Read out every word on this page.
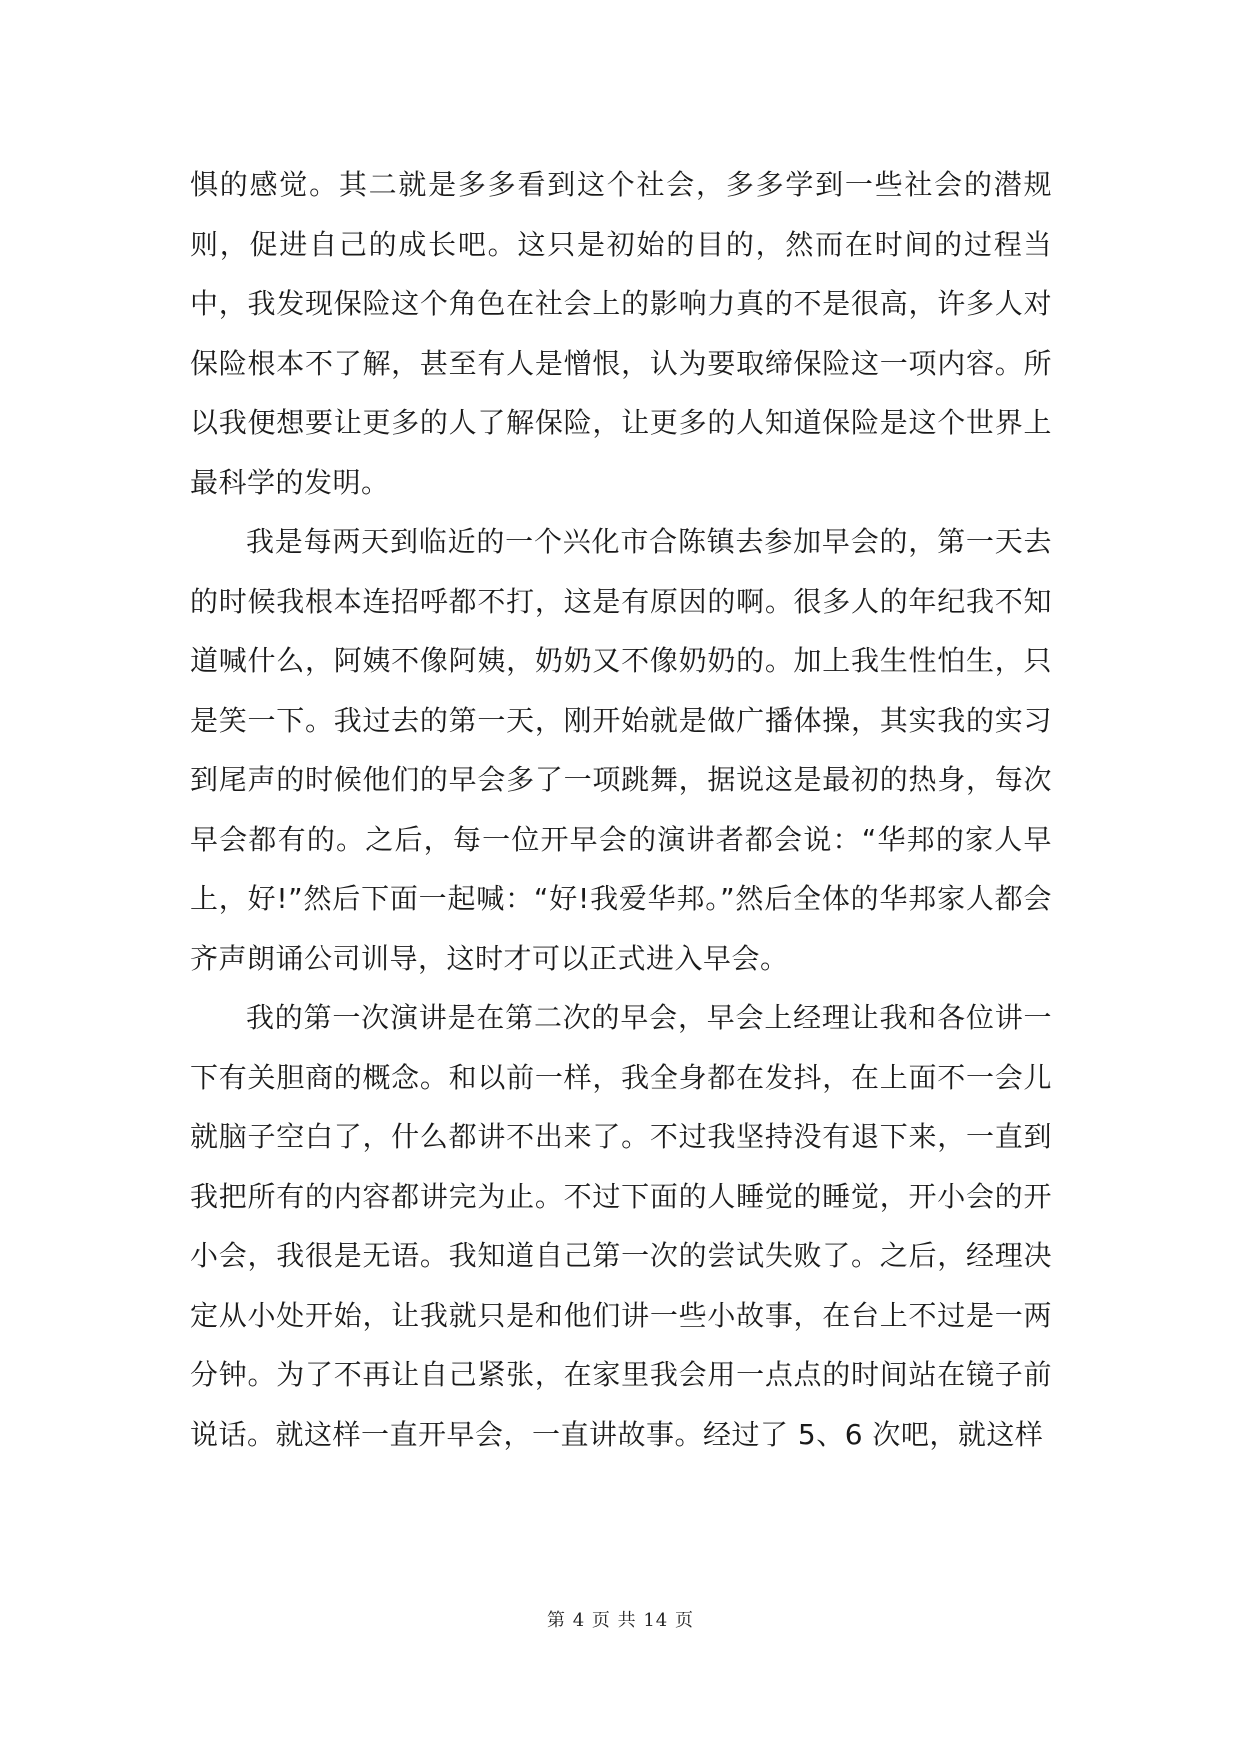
惧的感觉。其二就是多多看到这个社会，多多学到一些社会的潜规则，促进自己的成长吧。这只是初始的目的，然而在时间的过程当中，我发现保险这个角色在社会上的影响力真的不是很高，许多人对保险根本不了解，甚至有人是憎恨，认为要取缔保险这一项内容。所以我便想要让更多的人了解保险，让更多的人知道保险是这个世界上最科学的发明。

我是每两天到临近的一个兴化市合陈镇去参加早会的，第一天去的时候我根本连招呼都不打，这是有原因的啊。很多人的年纪我不知道喊什么，阿姨不像阿姨，奶奶又不像奶奶的。加上我生性怕生，只是笑一下。我过去的第一天，刚开始就是做广播体操，其实我的实习到尾声的时候他们的早会多了一项跳舞，据说这是最初的热身，每次早会都有的。之后，每一位开早会的演讲者都会说：“华邦的家人早上，好!”然后下面一起喊：“好!我爱华邦。”然后全体的华邦家人都会齐声朗诵公司训导，这时才可以正式进入早会。

我的第一次演讲是在第二次的早会，早会上经理让我和各位讲一下有关胆商的概念。和以前一样，我全身都在发抖，在上面不一会儿就脑子空白了，什么都讲不出来了。不过我坚持没有退下来，一直到我把所有的内容都讲完为止。不过下面的人睡觉的睡觉，开小会的开小会，我很是无语。我知道自己第一次的尝试失败了。之后，经理决定从小处开始，让我就只是和他们讲一些小故事，在台上不过是一两分钟。为了不再让自己紧张，在家里我会用一点点的时间站在镜子前说话。就这样一直开早会，一直讲故事。经过了 5、6 次吧，就这样

第 4 页 共 14 页
